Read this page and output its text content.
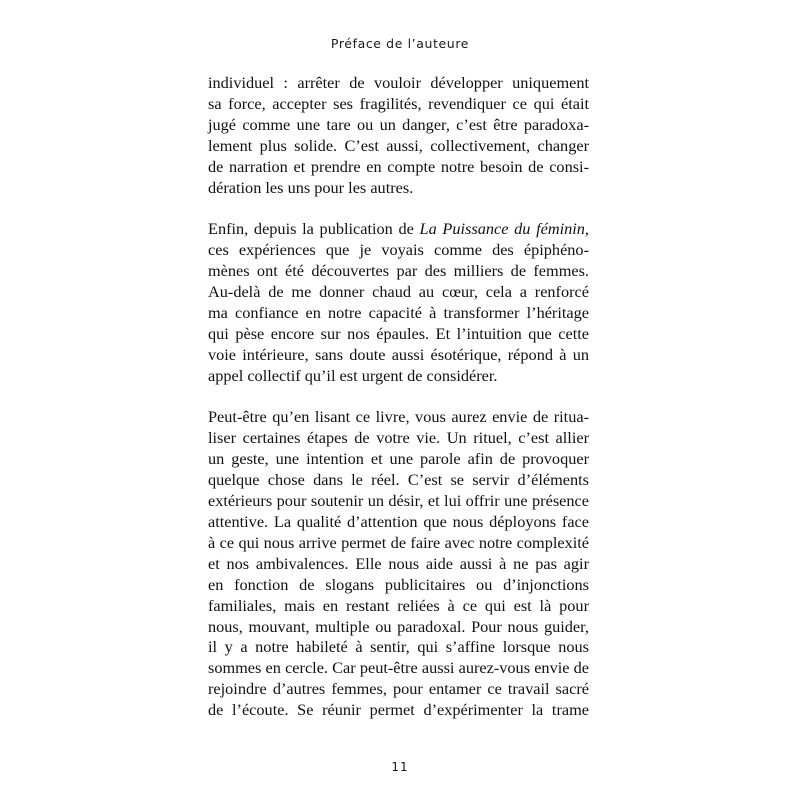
Préface de l’auteure

individuel : arrêter de vouloir développer uniquement
sa force, accepter ses fragilités, revendiquer ce qui était
jugé comme une tare ou un danger, c’est être paradoxa-
lement plus solide. C’est aussi, collectivement, changer
de narration et prendre en compte notre besoin de consi-
dération les uns pour les autres.

Enfin, depuis la publication de La Puissance du féminin,
ces expériences que je voyais comme des épiphéno-
mènes ont été découvertes par des milliers de femmes.
Au-delà de me donner chaud au cœur, cela a renforcé
ma confiance en notre capacité à transformer l’héritage
qui pèse encore sur nos épaules. Et l’intuition que cette
voie intérieure, sans doute aussi ésotérique, répond à un
appel collectif qu’il est urgent de considérer.

Peut-être qu’en lisant ce livre, vous aurez envie de ritua-
liser certaines étapes de votre vie. Un rituel, c’est allier
un geste, une intention et une parole afin de provoquer
quelque chose dans le réel. C’est se servir d’éléments
extérieurs pour soutenir un désir, et lui offrir une présence
attentive. La qualité d’attention que nous déployons face
à ce qui nous arrive permet de faire avec notre complexité
et nos ambivalences. Elle nous aide aussi à ne pas agir
en fonction de slogans publicitaires ou d’injonctions
familiales, mais en restant reliées à ce qui est là pour
nous, mouvant, multiple ou paradoxal. Pour nous guider,
il y a notre habileté à sentir, qui s’affine lorsque nous
sommes en cercle. Car peut-être aussi aurez-vous envie de
rejoindre d’autres femmes, pour entamer ce travail sacré
de l’écoute. Se réunir permet d’expérimenter la trame

11
